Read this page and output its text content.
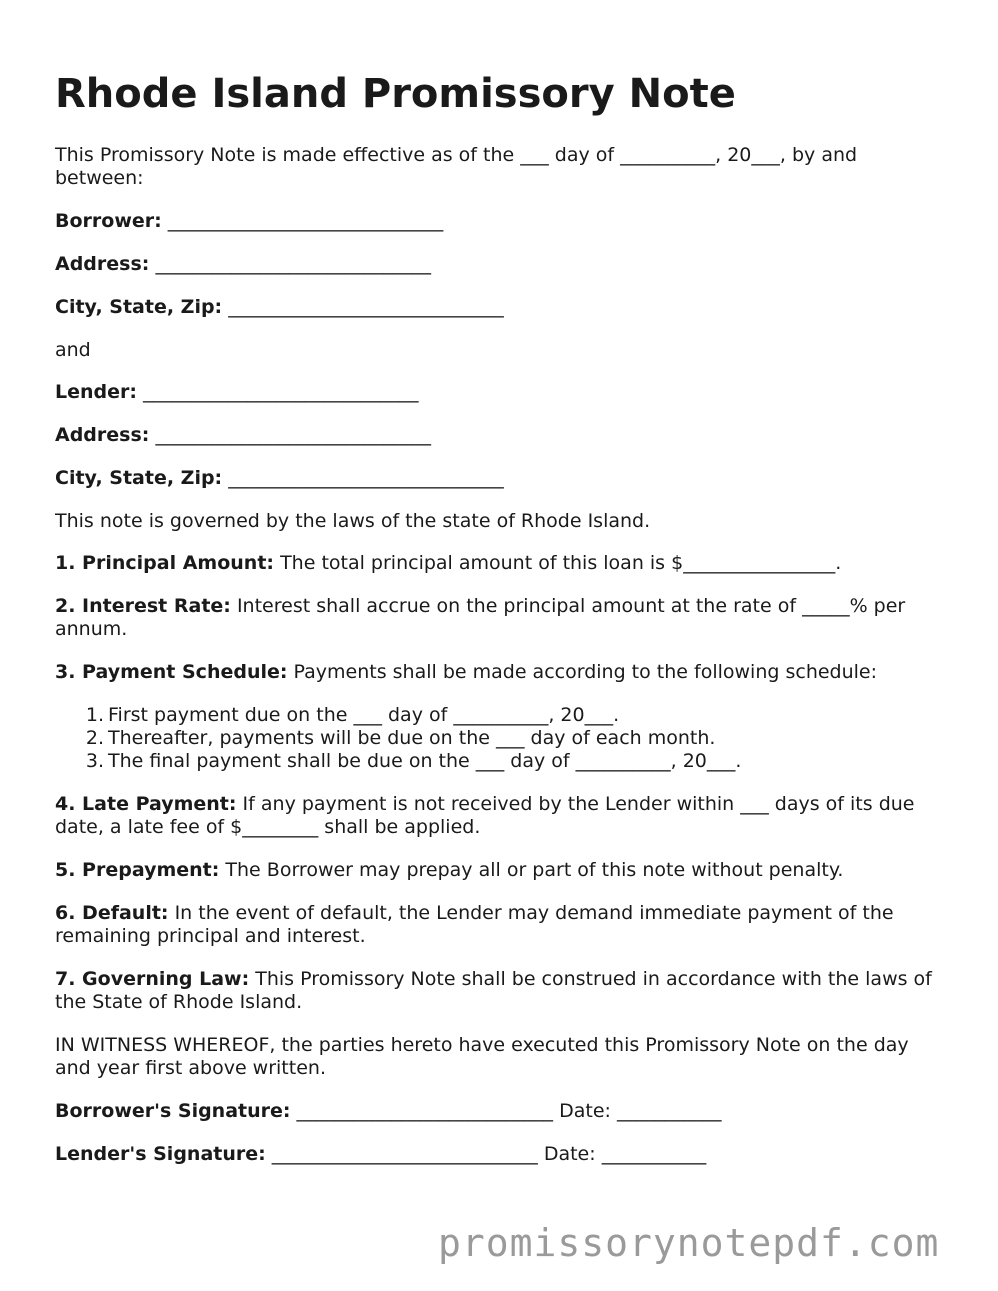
Rhode Island Promissory Note

This Promissory Note is made effective as of the ___ day of __________, 20___, by and between:

Borrower: _____________________________

Address: _____________________________

City, State, Zip: _____________________________

and

Lender: _____________________________

Address: _____________________________

City, State, Zip: _____________________________

This note is governed by the laws of the state of Rhode Island.

1. Principal Amount: The total principal amount of this loan is $________________.

2. Interest Rate: Interest shall accrue on the principal amount at the rate of _____% per annum.

3. Payment Schedule: Payments shall be made according to the following schedule:

1. First payment due on the ___ day of __________, 20___.
2. Thereafter, payments will be due on the ___ day of each month.
3. The final payment shall be due on the ___ day of __________, 20___.

4. Late Payment: If any payment is not received by the Lender within ___ days of its due date, a late fee of $________ shall be applied.

5. Prepayment: The Borrower may prepay all or part of this note without penalty.

6. Default: In the event of default, the Lender may demand immediate payment of the remaining principal and interest.

7. Governing Law: This Promissory Note shall be construed in accordance with the laws of the State of Rhode Island.

IN WITNESS WHEREOF, the parties hereto have executed this Promissory Note on the day and year first above written.

Borrower's Signature: ___________________________ Date: ___________

Lender's Signature: ____________________________ Date: ___________

promissorynotepdf.com
